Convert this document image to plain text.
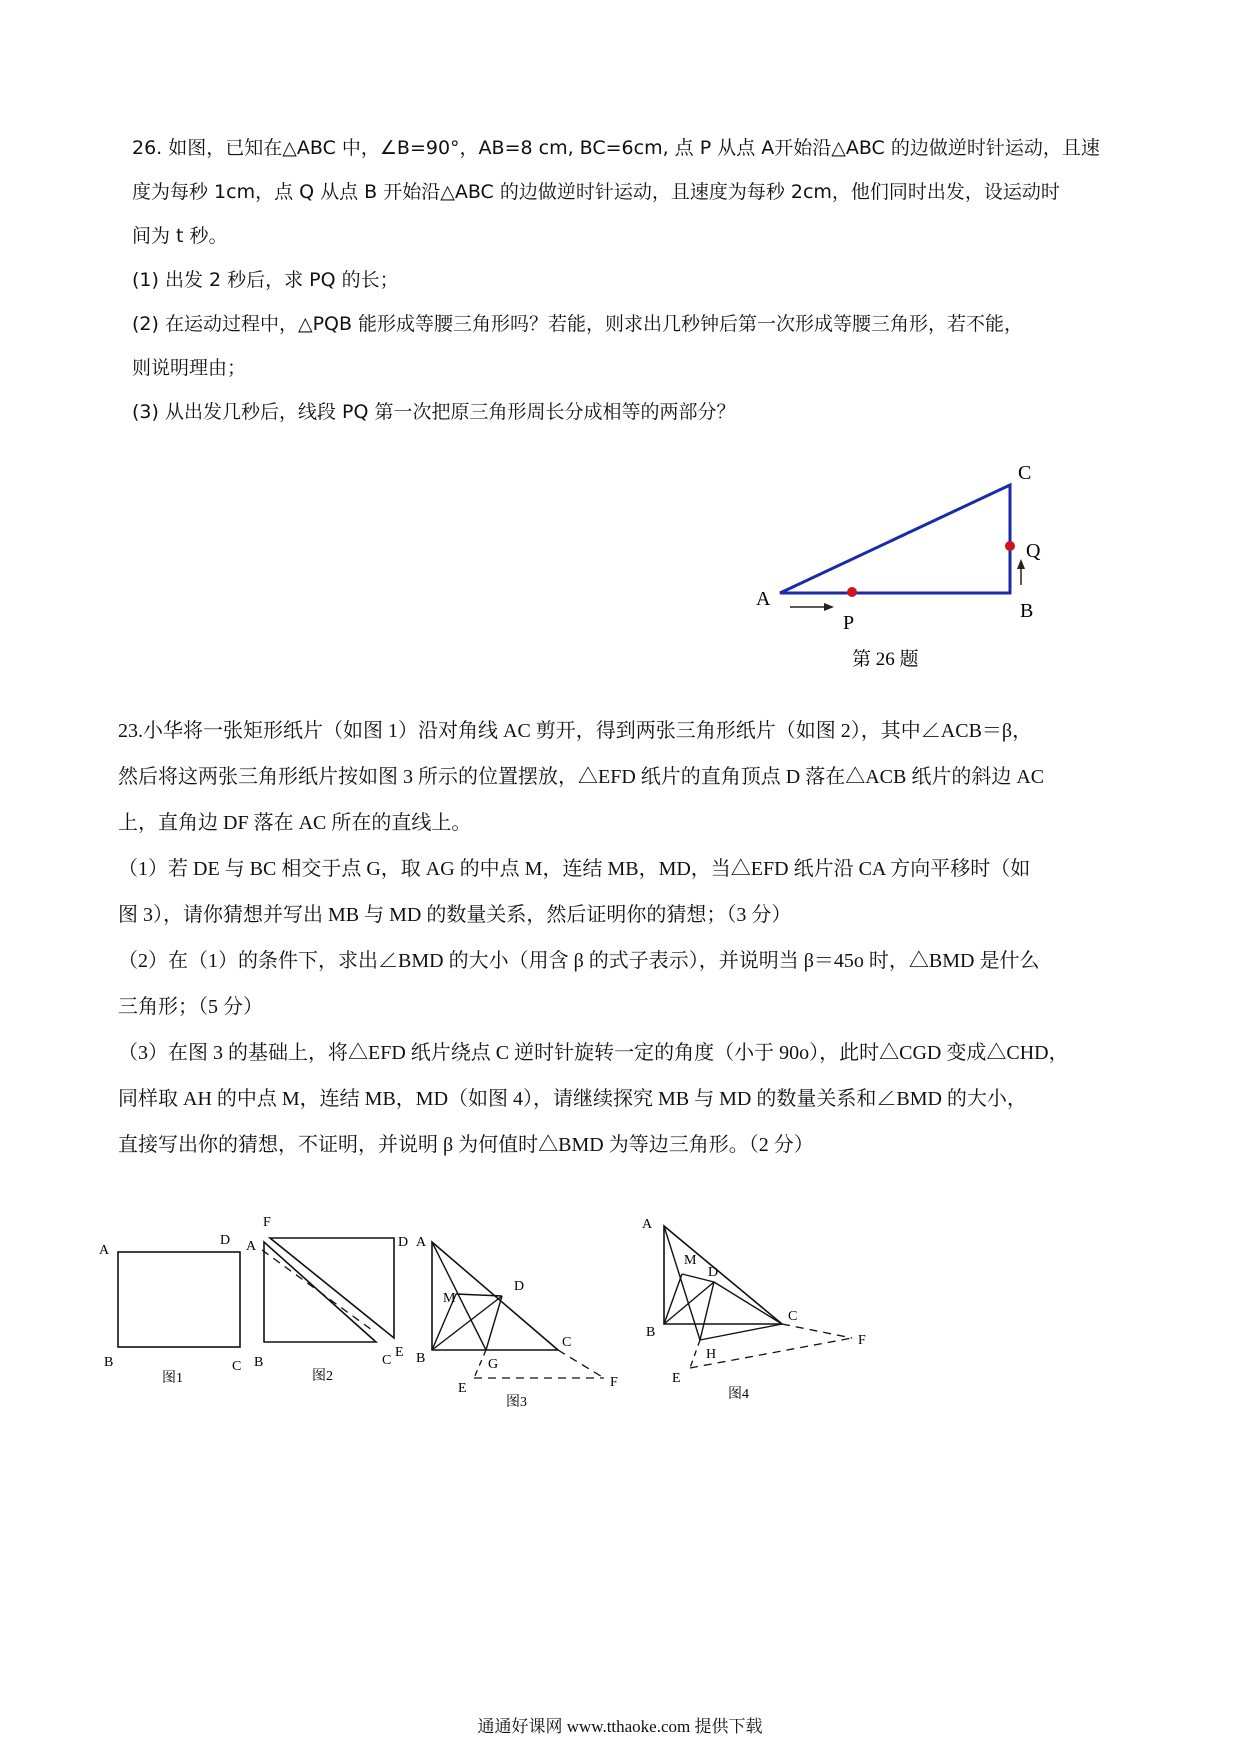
26. 如图，已知在△ABC 中，∠B=90°，AB=8 cm, BC=6cm, 点 P 从点 A开始沿△ABC 的边做逆时针运动，且速

度为每秒 1cm，点 Q 从点 B 开始沿△ABC 的边做逆时针运动，且速度为每秒 2cm，他们同时出发，设运动时

间为 t 秒。

(1) 出发 2 秒后，求 PQ 的长；

(2) 在运动过程中，△PQB 能形成等腰三角形吗？若能，则求出几秒钟后第一次形成等腰三角形，若不能，

则说明理由；

(3) 从出发几秒后，线段 PQ 第一次把原三角形周长分成相等的两部分？

C
A
B
P
Q
第 26 题

23.小华将一张矩形纸片（如图 1）沿对角线 AC 剪开，得到两张三角形纸片（如图 2），其中∠ACB＝β，

然后将这两张三角形纸片按如图 3 所示的位置摆放，△EFD 纸片的直角顶点 D 落在△ACB 纸片的斜边 AC

上，直角边 DF 落在 AC 所在的直线上。

（1）若 DE 与 BC 相交于点 G，取 AG 的中点 M，连结 MB，MD，当△EFD 纸片沿 CA 方向平移时（如

图 3），请你猜想并写出 MB 与 MD 的数量关系，然后证明你的猜想；（3 分）

（2）在（1）的条件下，求出∠BMD 的大小（用含 β 的式子表示），并说明当 β＝45o 时，△BMD 是什么

三角形；（5 分）

（3）在图 3 的基础上，将△EFD 纸片绕点 C 逆时针旋转一定的角度（小于 90o），此时△CGD 变成△CHD，

同样取 AH 的中点 M，连结 MB，MD（如图 4），请继续探究 MB 与 MD 的数量关系和∠BMD 的大小，

直接写出你的猜想，不证明，并说明 β 为何值时△BMD 为等边三角形。（2 分）

A
D
B	C
图1
F
A	D
B	C
E
图2
A
M
D
C
B	G
E	F
图3
A
M
D
C
B
H
E
F
图4
通通好课网 www.tthaoke.com 提供下载
